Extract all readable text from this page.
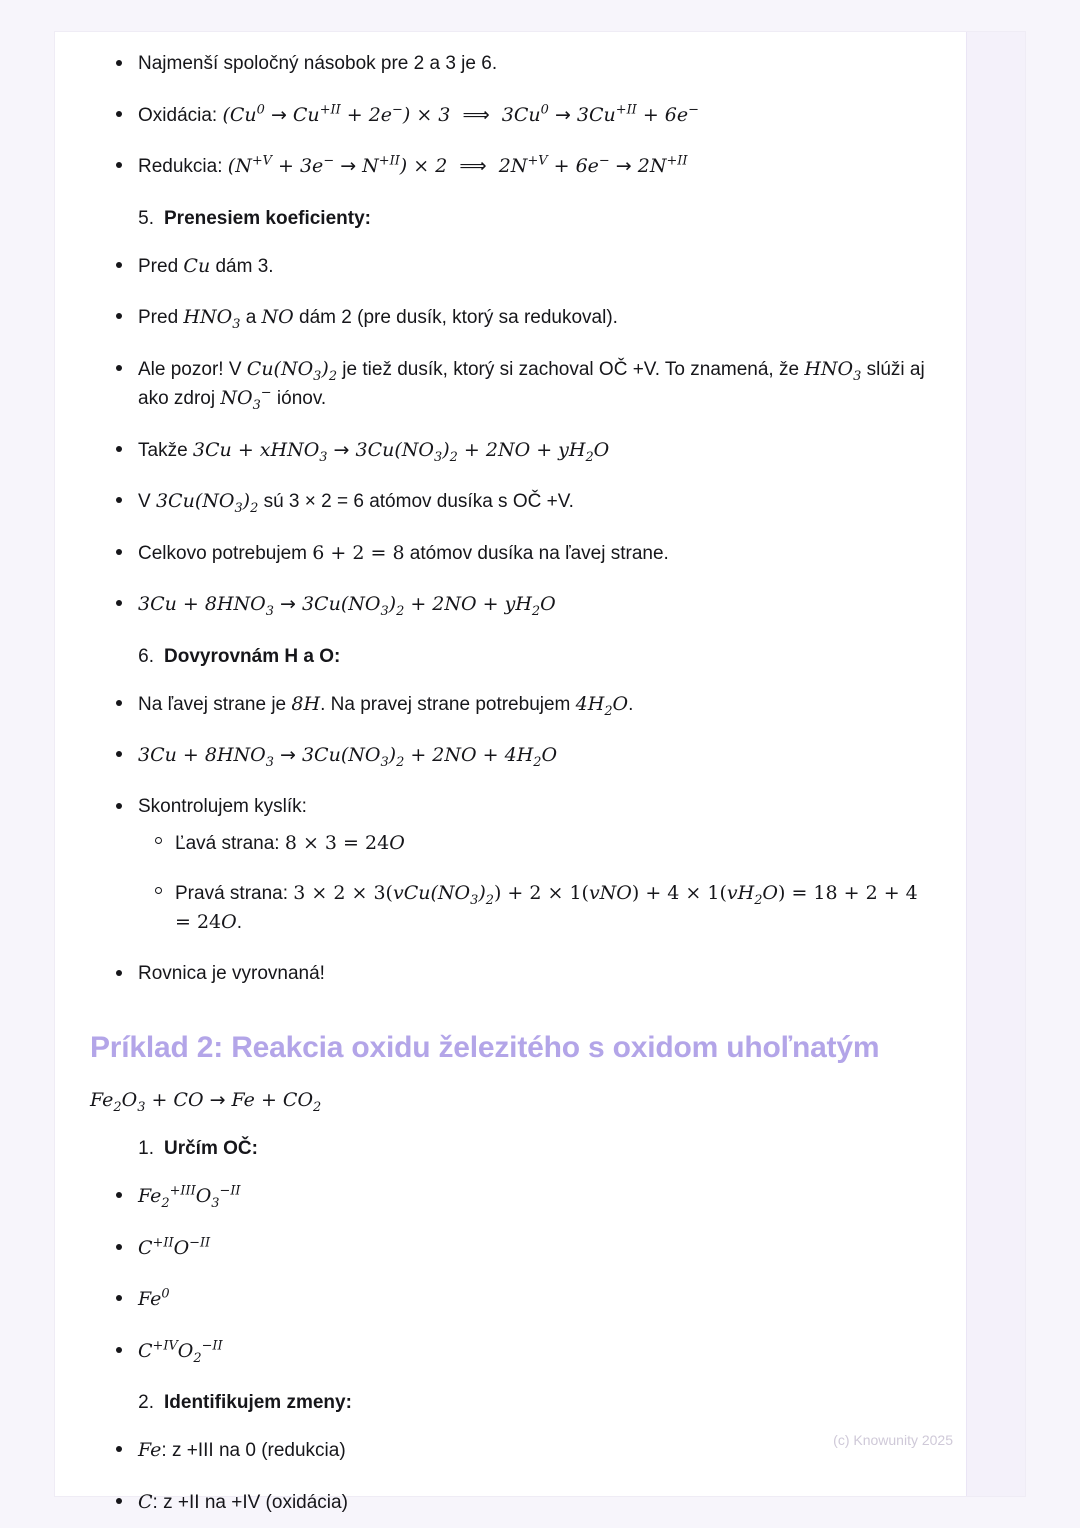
Najmenší spoločný násobok pre 2 a 3 je 6.
Oxidácia: $(Cu^0 \to Cu^{+II} + 2e^-) \times 3$  ⟹  $3Cu^0 \to 3Cu^{+II} + 6e^-$
Redukcia: $(N^{+V} + 3e^- \to N^{+II}) \times 2$  ⟹  $2N^{+V} + 6e^- \to 2N^{+II}$
5. Prenesiem koeficienty:
Pred Cu dám 3.
Pred $HNO_3$ a NO dám 2 (pre dusík, ktorý sa redukoval).
Ale pozor! V $Cu(NO_3)_2$ je tiež dusík, ktorý si zachoval OČ +V. To znamená, že $HNO_3$ slúži aj ako zdroj $NO_3^-$ iónov.
Takže 3Cu + xHNO$_3$ → $3Cu(NO_3)_2 + 2NO + yH_2O$
V $3Cu(NO_3)_2$ sú 3 × 2 = 6 atómov dusíka s OČ +V.
Celkovo potrebujem 6 + 2 = 8 atómov dusíka na ľavej strane.
$3Cu + 8HNO_3 \to 3Cu(NO_3)_2 + 2NO + yH_2O$
6. Dovyrovnám H a O:
Na ľavej strane je 8H. Na pravej strane potrebujem $4H_2O$.
$3Cu + 8HNO_3 \to 3Cu(NO_3)_2 + 2NO + 4H_2O$
Skontrolujem kyslík:
Ľavá strana: 8 × 3 = 24O
Pravá strana: $3 \times 2 \times 3(vCu(NO_3)_2) + 2 \times 1(vNO) + 4 \times 1(vH_2O) = 18 + 2 + 4 = 24O$.
Rovnica je vyrovnaná!
Príklad 2: Reakcia oxidu železitého s oxidom uhoľnatým
$Fe_2O_3$ + CO → $Fe + CO_2$
1. Určím OČ:
$Fe_2^{+III}O_3^{-II}$
$C^{+II}O^{-II}$
Fe$^0$
$C^{+IV}O_2^{-II}$
2. Identifikujem zmeny:
Fe: z +III na 0 (redukcia)
C: z +II na +IV (oxidácia)
(c) Knowunity 2025
